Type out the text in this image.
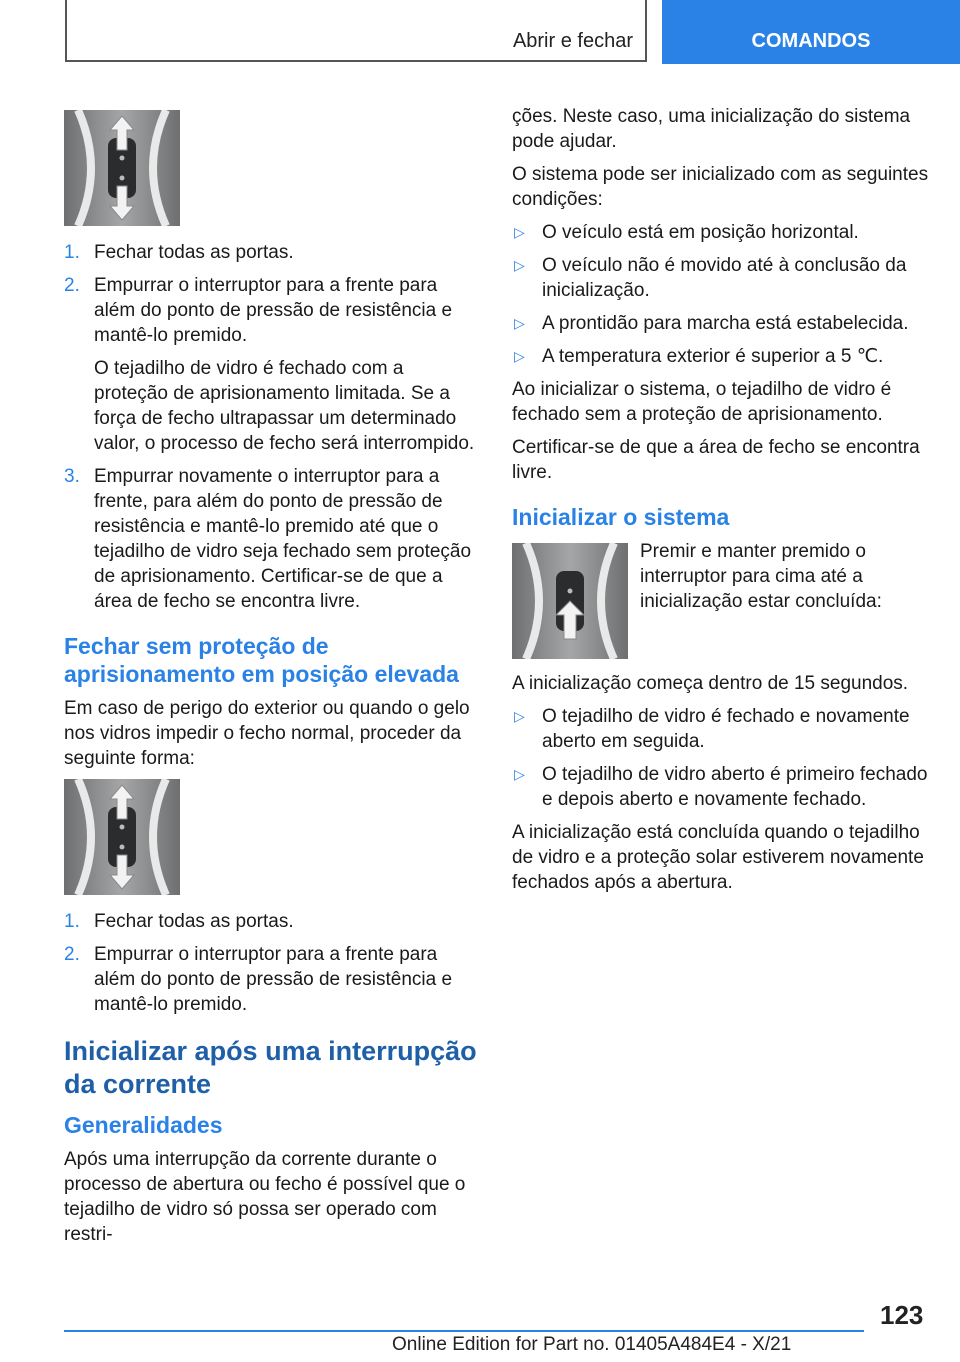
Abrir e fechar	COMANDOS
1. Fechar todas as portas.
2. Empurrar o interruptor para a frente para além do ponto de pressão de resistência e mantê-lo premido.
O tejadilho de vidro é fechado com a proteção de aprisionamento limitada. Se a força de fecho ultrapassar um determinado valor, o processo de fecho será interrompido.
3. Empurrar novamente o interruptor para a frente, para além do ponto de pressão de resistência e mantê-lo premido até que o tejadilho de vidro seja fechado sem proteção de aprisionamento. Certificar-se de que a área de fecho se encontra livre.
Fechar sem proteção de aprisionamento em posição elevada

Em caso de perigo do exterior ou quando o gelo nos vidros impedir o fecho normal, proceder da seguinte forma:

1. Fechar todas as portas.
2. Empurrar o interruptor para a frente para além do ponto de pressão de resistência e mantê-lo premido.
Inicializar após uma interrupção da corrente
Generalidades

Após uma interrupção da corrente durante o processo de abertura ou fecho é possível que o tejadilho de vidro só possa ser operado com restri-

ções. Neste caso, uma inicialização do sistema pode ajudar.

O sistema pode ser inicializado com as seguintes condições:

▷ O veículo está em posição horizontal.
▷ O veículo não é movido até à conclusão da inicialização.
▷ A prontidão para marcha está estabelecida.
▷ A temperatura exterior é superior a 5 ℃.

Ao inicializar o sistema, o tejadilho de vidro é fechado sem a proteção de aprisionamento.

Certificar-se de que a área de fecho se encontra livre.

Inicializar o sistema

Premir e manter premido o interruptor para cima até a inicialização estar concluída:

A inicialização começa dentro de 15 segundos.

▷ O tejadilho de vidro é fechado e novamente aberto em seguida.
▷ O tejadilho de vidro aberto é primeiro fechado e depois aberto e novamente fechado.

A inicialização está concluída quando o tejadilho de vidro e a proteção solar estiverem novamente fechados após a abertura.

123
Online Edition for Part no. 01405A484E4 - X/21
